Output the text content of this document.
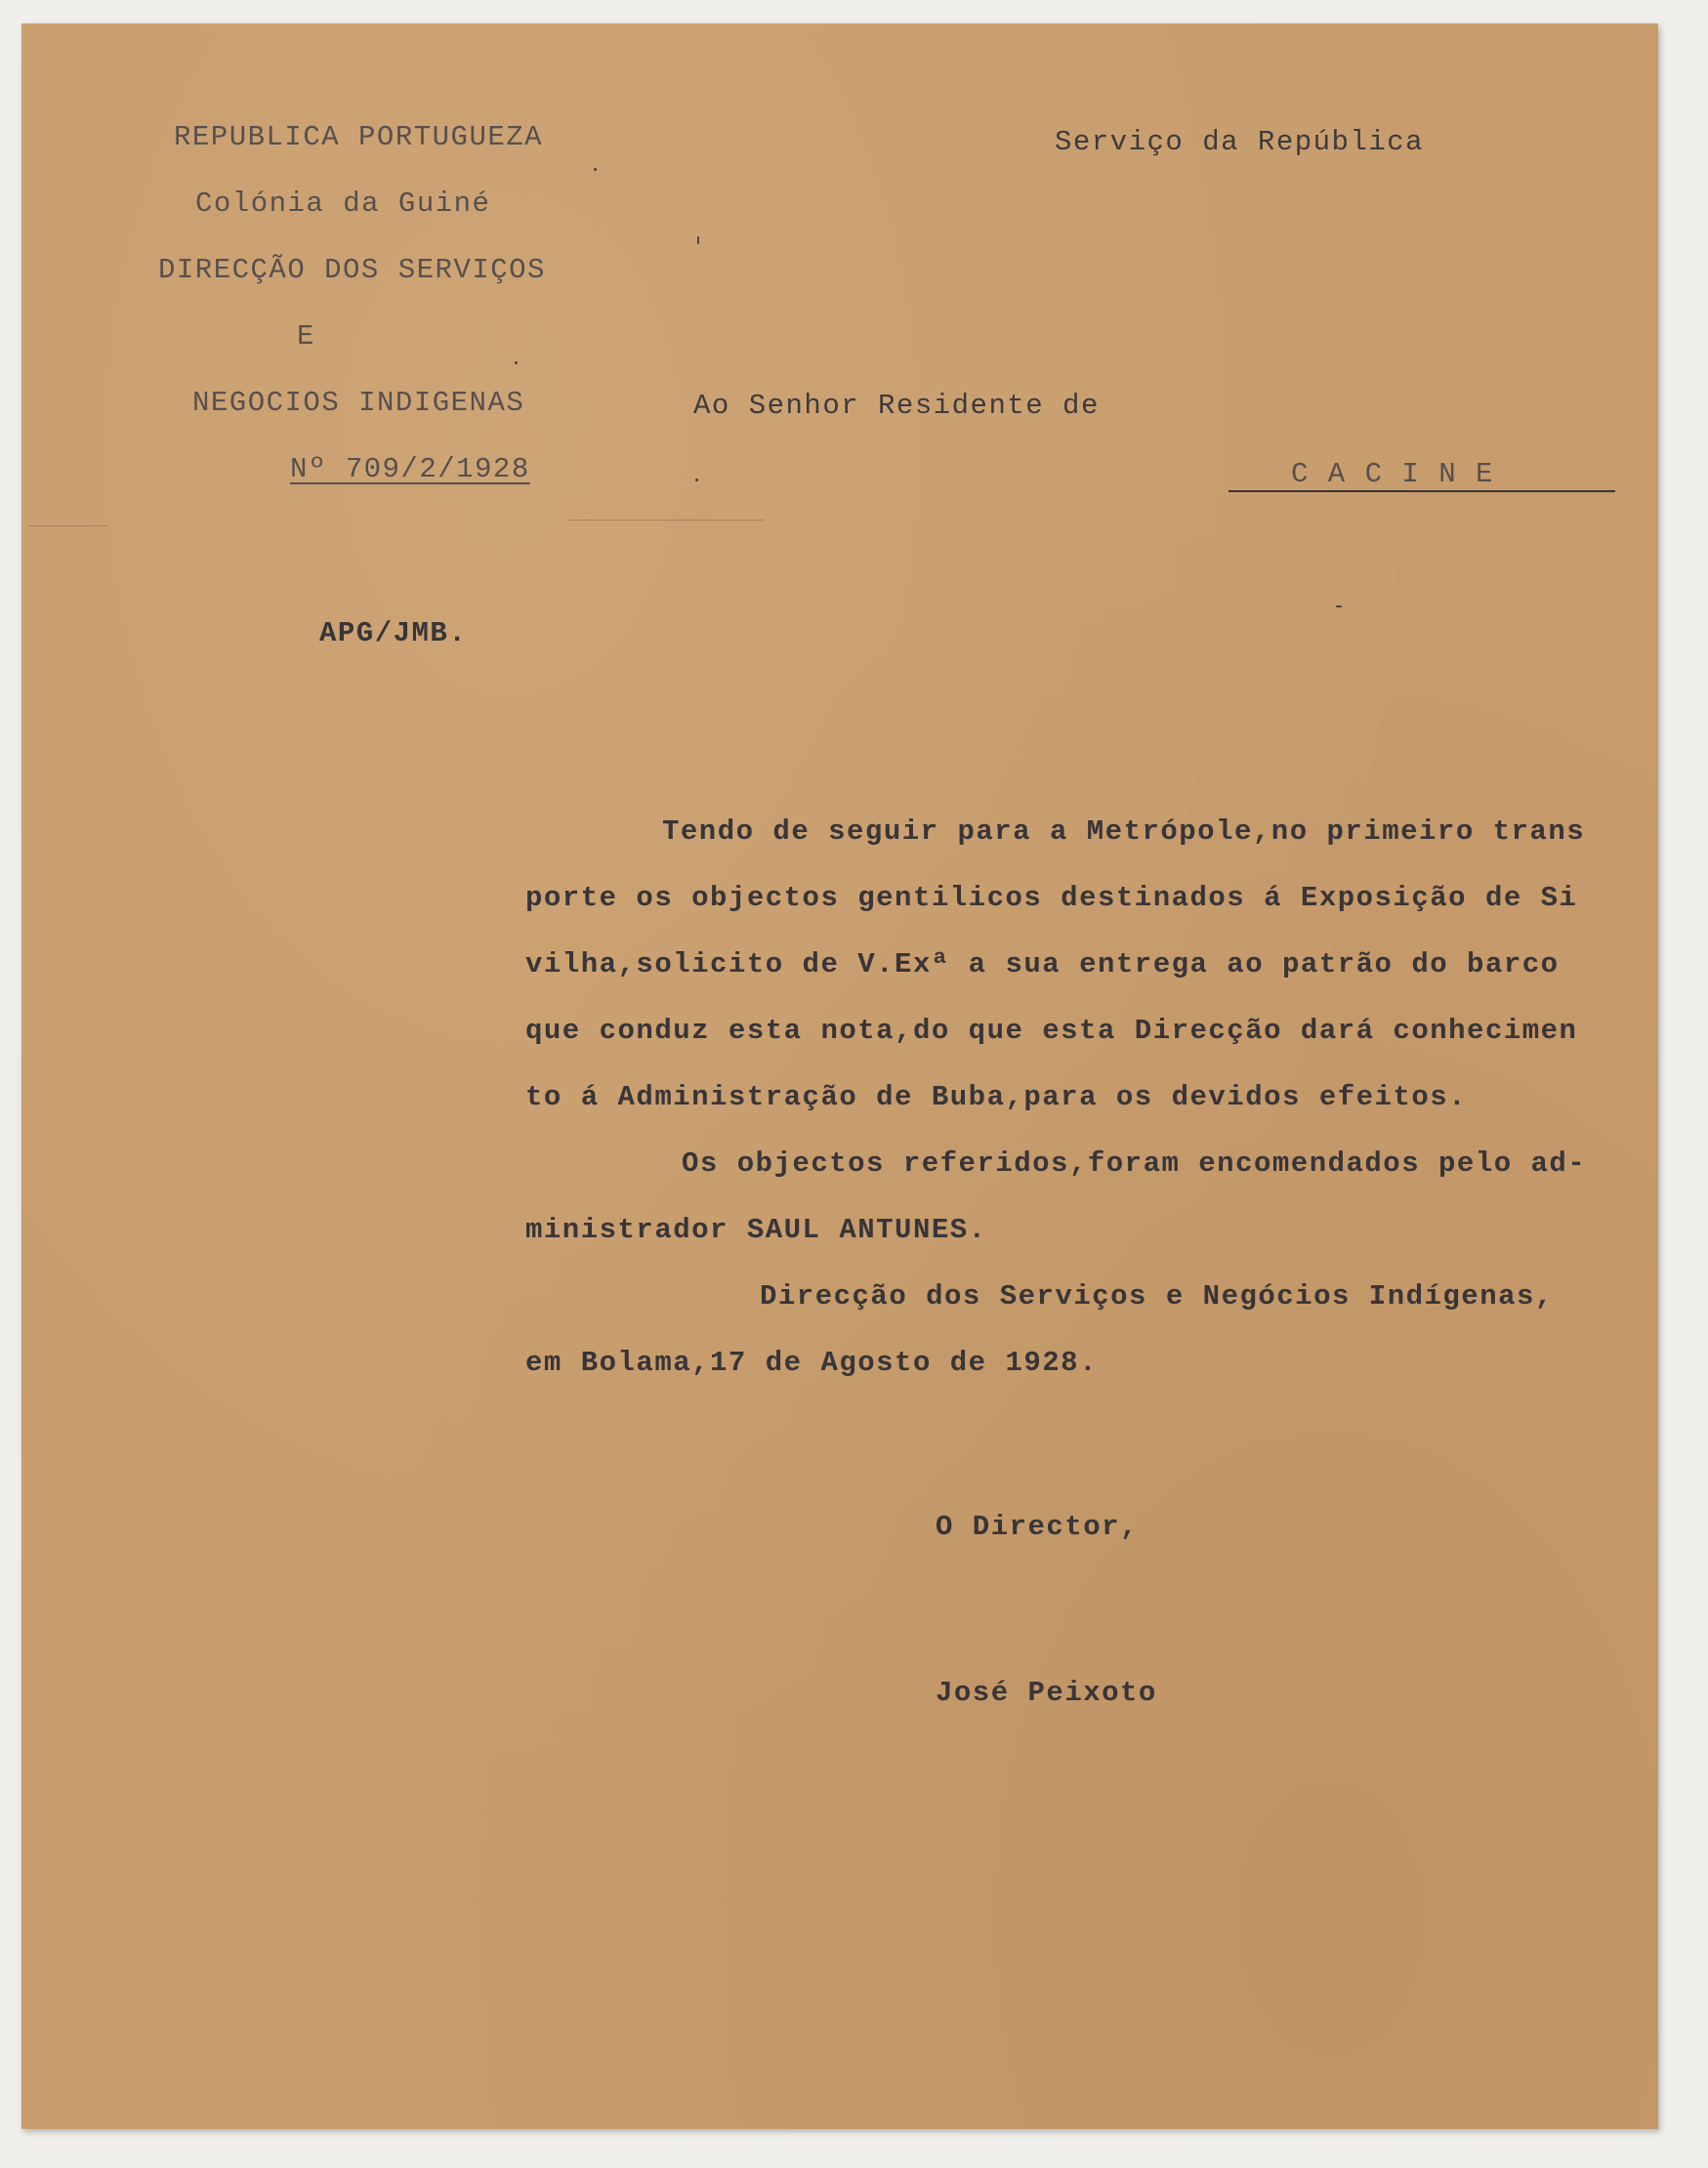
REPUBLICA PORTUGUEZA
Colónia da Guiné
DIRECÇÃO DOS SERVIÇOS
E
NEGOCIOS INDIGENAS
Nº 709/2/1928
Serviço da República
Ao Senhor Residente de
C A C I N E
APG/JMB.
Tendo de seguir para a Metrópole,no primeiro trans
porte os objectos gentilicos destinados á Exposição de Si
vilha,solicito de V.Exª a sua entrega ao patrão do barco
que conduz esta nota,do que esta Direcção dará conhecimen
to á Administração de Buba,para os devidos efeitos.
Os objectos referidos,foram encomendados pelo ad-
ministrador SAUL ANTUNES.
Direcção dos Serviços e Negócios Indígenas,
em Bolama,17 de Agosto de 1928.
O Director,
José Peixoto
